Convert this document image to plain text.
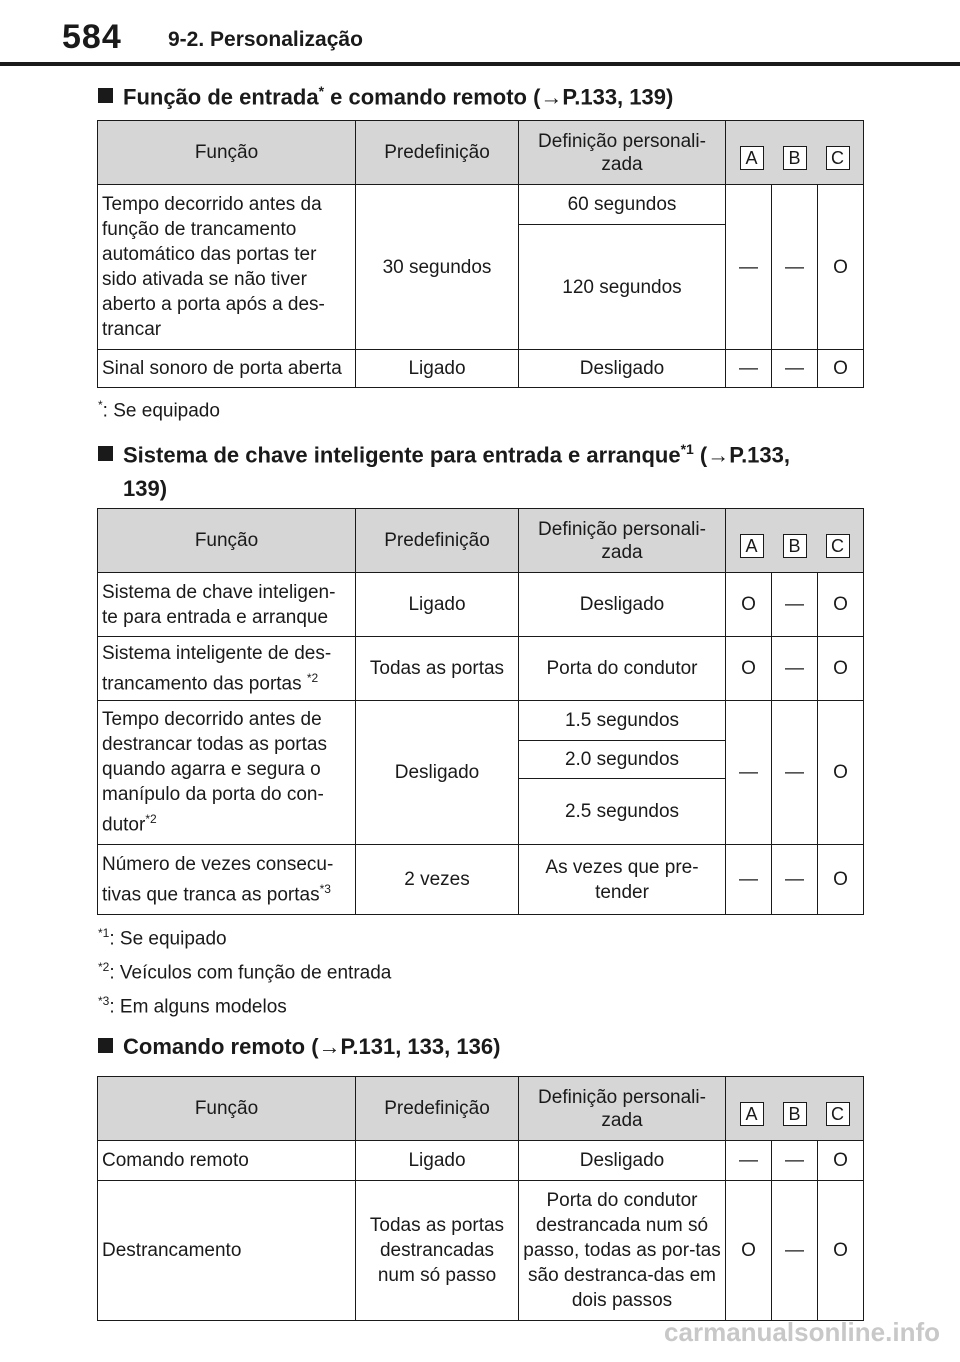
584 9-2. Personalização
Função de entrada* e comando remoto (→P.133, 139)
Função	Predefinição	Definição personali-zada	A B C		

Tempo decorrido antes da função de trancamento automático das portas ter sido ativada se não tiver aberto a porta após a des-trancar	30 segundos	60 segundos	—	—	O
		120 segundos			
Sinal sonoro de porta aberta	Ligado	Desligado	—	—	O
*: Se equipado
Sistema de chave inteligente para entrada e arranque$^{*1}$ (→P.133,
139)
Função	Predefinição	Definição personali-zada	A B C		

Sistema de chave inteligen-te para entrada e arranque	Ligado	Desligado	O	—	O
Sistema inteligente de des-trancamento das portas $^{*2}$	Todas as portas	Porta do condutor	O	—	O
Tempo decorrido antes de destrancar todas as portas quando agarra e segura o manípulo da porta do con-dutor$^{*2}$	Desligado	1.5 segundos	—	—	O
		2.0 segundos			
		2.5 segundos			
Número de vezes consecu-tivas que tranca as portas$^{*3}$	2 vezes	As vezes que pre-tender	—	—	O
$^{*1}$: Se equipado
$^{*2}$: Veículos com função de entrada
$^{*3}$: Em alguns modelos
Comando remoto (→P.131, 133, 136)
Função	Predefinição	Definição personali-zada	A B C		

Comando remoto	Ligado	Desligado	—	—	O
Destrancamento	Todas as portas destrancadas num só passo	Porta do condutor destrancada num só passo, todas as por-tas são destranca-das em dois passos	O	—	O
carmanualsonline.info
